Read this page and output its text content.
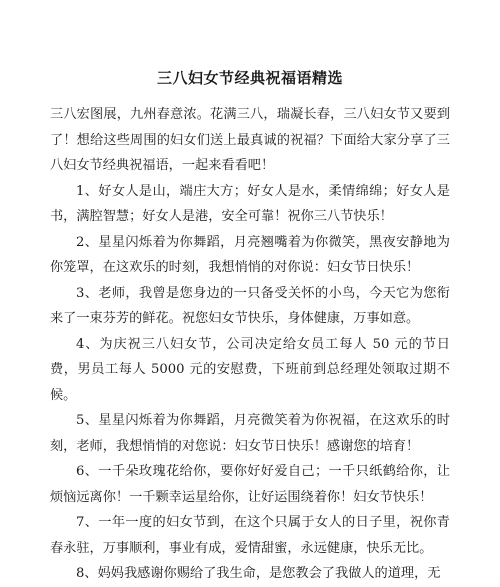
三八妇女节经典祝福语精选

三八宏图展，九州春意浓。花满三八，瑞凝长春，三八妇女节又要到了！想给这些周围的妇女们送上最真诚的祝福？下面给大家分享了三八妇女节经典祝福语，一起来看看吧！

1、好女人是山，端庄大方；好女人是水，柔情绵绵；好女人是书，满腔智慧；好女人是港，安全可靠！祝你三八节快乐！

2、星星闪烁着为你舞蹈，月亮翘嘴着为你微笑，黑夜安静地为你笼罩，在这欢乐的时刻，我想悄悄的对你说：妇女节日快乐！

3、老师，我曾是您身边的一只备受关怀的小鸟，今天它为您衔来了一束芬芳的鲜花。祝您妇女节快乐，身体健康，万事如意。

4、为庆祝三八妇女节，公司决定给女员工每人 50 元的节日费，男员工每人 5000 元的安慰费，下班前到总经理处领取过期不候。

5、星星闪烁着为你舞蹈，月亮微笑着为你祝福，在这欢乐的时刻，老师，我想悄悄的对您说：妇女节日快乐！感谢您的培育！

6、一千朵玫瑰花给你，要你好好爱自己；一千只纸鹤给你，让烦恼远离你！一千颗幸运星给你，让好运围绕着你！妇女节快乐！

7、一年一度的妇女节到，在这个只属于女人的日子里，祝你青春永驻，万事顺利，事业有成，爱情甜蜜，永远健康，快乐无比。

8、妈妈我感谢你赐给了我生命，是您教会了我做人的道理，无
